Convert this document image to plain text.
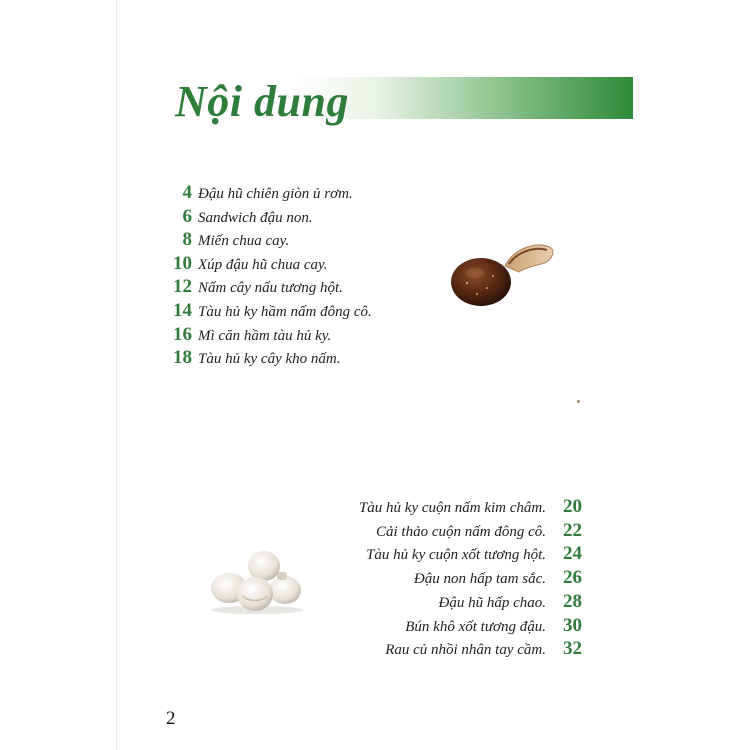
Nội dung
4 Đậu hũ chiên giòn ủ rơm.
6 Sandwich đậu non.
8 Miến chua cay.
10 Xúp đậu hũ chua cay.
12 Nấm cây nấu tương hột.
14 Tàu hủ ky hầm nấm đông cô.
16 Mì căn hầm tàu hủ ky.
18 Tàu hủ ky cây kho nấm.
Tàu hủ ky cuộn nấm kim châm. 20
Cải thảo cuộn nấm đông cô. 22
Tàu hủ ky cuộn xốt tương hột. 24
Đậu non hấp tam sắc. 26
Đậu hũ hấp chao. 28
Bún khô xốt tương đậu. 30
Rau củ nhồi nhân tay cầm. 32
2
